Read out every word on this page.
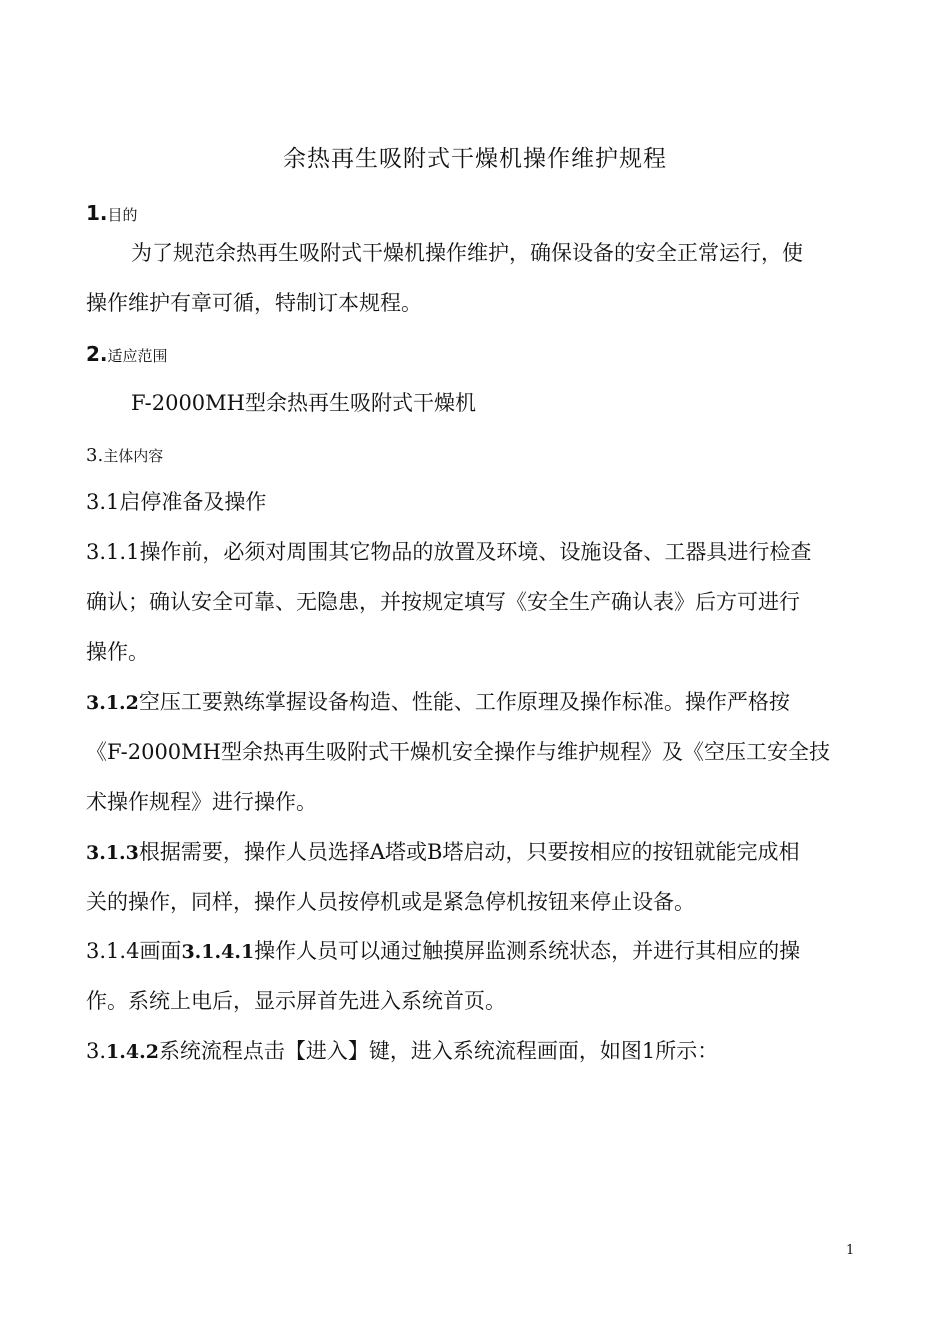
余热再生吸附式干燥机操作维护规程
1.目的
为了规范余热再生吸附式干燥机操作维护，确保设备的安全正常运行，使
操作维护有章可循，特制订本规程。
2.适应范围
F-2000MH型余热再生吸附式干燥机
3.主体内容
3.1启停准备及操作
3.1.1操作前，必须对周围其它物品的放置及环境、设施设备、工器具进行检查
确认；确认安全可靠、无隐患，并按规定填写《安全生产确认表》后方可进行
操作。
3.1.2空压工要熟练掌握设备构造、性能、工作原理及操作标准。操作严格按
《F-2000MH型余热再生吸附式干燥机安全操作与维护规程》及《空压工安全技
术操作规程》进行操作。
3.1.3根据需要，操作人员选择A塔或B塔启动，只要按相应的按钮就能完成相
关的操作，同样，操作人员按停机或是紧急停机按钮来停止设备。
3.1.4画面3.1.4.1操作人员可以通过触摸屏监测系统状态，并进行其相应的操
作。系统上电后，显示屏首先进入系统首页。
3.1.4.2系统流程点击【进入】键，进入系统流程画面，如图1所示：
1
